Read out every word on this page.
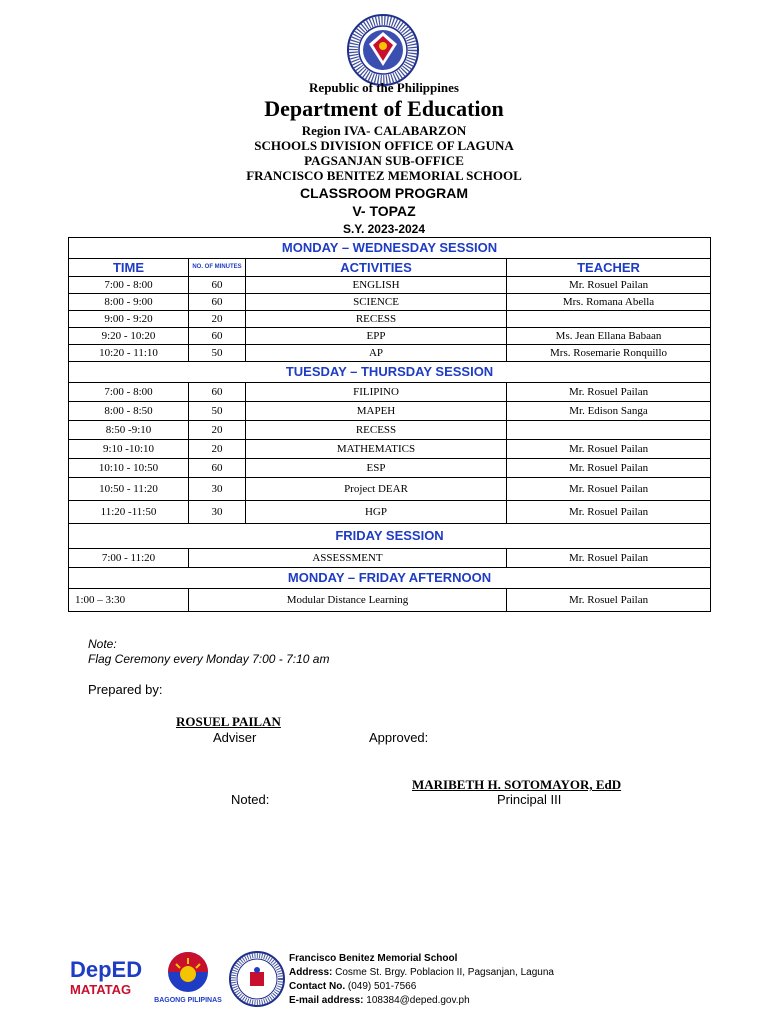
Republic of the Philippines
Department of Education
Region IVA- CALABARZON
SCHOOLS DIVISION OFFICE OF LAGUNA
PAGSANJAN SUB-OFFICE
FRANCISCO BENITEZ MEMORIAL SCHOOL
CLASSROOM PROGRAM
V- TOPAZ
S.Y. 2023-2024
MONDAY – WEDNESDAY SESSION			
TIME	NO. OF MINUTES	ACTIVITIES	TEACHER
7:00 - 8:00	60	ENGLISH	Mr. Rosuel Pailan
8:00 - 9:00	60	SCIENCE	Mrs. Romana Abella
9:00 - 9:20	20	RECESS	
9:20 - 10:20	60	EPP	Ms. Jean Ellana Babaan
10:20 - 11:10	50	AP	Mrs. Rosemarie Ronquillo
TUESDAY – THURSDAY SESSION			
7:00 - 8:00	60	FILIPINO	Mr. Rosuel Pailan
8:00 - 8:50	50	MAPEH	Mr. Edison Sanga
8:50 -9:10	20	RECESS	
9:10 -10:10	20	MATHEMATICS	Mr. Rosuel Pailan
10:10 - 10:50	60	ESP	Mr. Rosuel Pailan
10:50 - 11:20	30	Project DEAR	Mr. Rosuel Pailan
11:20 -11:50	30	HGP	Mr. Rosuel Pailan
FRIDAY SESSION			
7:00 - 11:20	ASSESSMENT		Mr. Rosuel Pailan
MONDAY – FRIDAY AFTERNOON			
1:00 – 3:30	Modular Distance Learning		Mr. Rosuel Pailan
Note:
Flag Ceremony every Monday 7:00 - 7:10 am
Prepared by:
ROSUEL PAILAN
Adviser	Approved:
MARIBETH H. SOTOMAYOR, EdD
Noted:	Principal III
DepED
MATATAG
BAGONG PILIPINAS
Francisco Benitez Memorial School
Address: Cosme St. Brgy. Poblacion II, Pagsanjan, Laguna
Contact No. (049) 501-7566
E-mail address: 108384@deped.gov.ph
